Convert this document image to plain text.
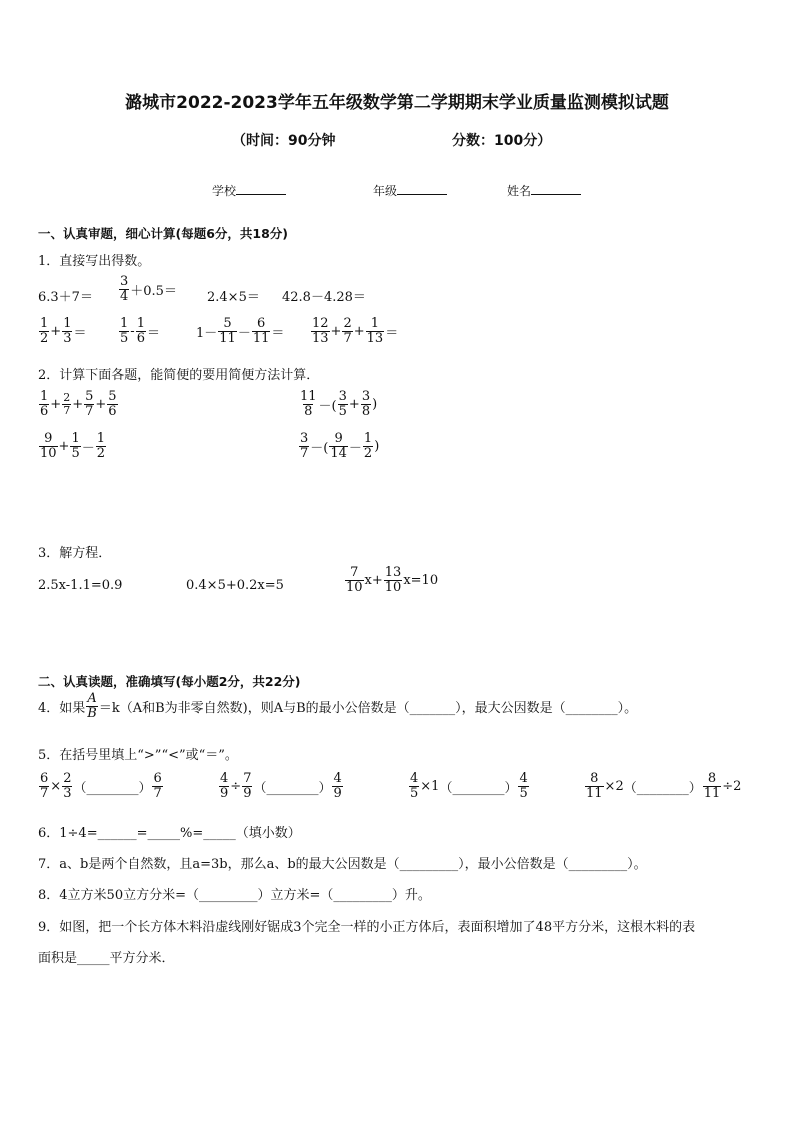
潞城市2022-2023学年五年级数学第二学期期末学业质量监测模拟试题
（时间：90分钟	分数：100分）
学校	年级	姓名
一、认真审题，细心计算(每题6分，共18分)
1．直接写出得数。
$6.3+7= \frac{3}{4} +0.5= 2.4\times 5= 42.8-4.28=$
$\frac{1}{2} + \frac{1}{3}$ ＝	$\frac{1}{5} - \frac{1}{6}$ ＝	$1- \frac{5}{11} - \frac{6}{11} = \frac{12}{13} + \frac{2}{7} + \frac{1}{13}$ ＝
2．计算下面各题，能简便的要用简便方法计算．
$\frac{1}{6} + \frac{2}{7} + \frac{5}{7} + \frac{5}{6}$	$\frac{11}{8}$ －( $\frac{3}{5} + \frac{3}{8}$ )
$\frac{9}{10} + \frac{1}{5} - \frac{1}{2}$	$\frac{3}{7}$ －( $\frac{9}{14} - \frac{1}{2}$ )
3．解方程．
2.5x-1.1=0.9	0.4×5+0.2x=5	$\frac{7}{10} x+ \frac{13}{10} x=10$
二、认真读题，准确填写(每小题2分，共22分)
4．如果 $\frac{A}{B} =k(A$和B为非零自然数)，则A与B的最小公倍数是（_______），最大公因数是（________）。
5．在括号里填上“>”“<”或“＝”。
$\frac{6}{7} \times \frac{2}{3}$ （________） $\frac{6}{7}$	$\frac{4}{9} \div \frac{7}{9}$ （________） $\frac{4}{9}$	$\frac{4}{5} \times 1$ （________） $\frac{4}{5}$	$\frac{8}{11} \times 2$ （________） $\frac{8}{11} \div 2$
6．1÷4=______=_____%=_____（填小数）
7．a、b是两个自然数，且a=3b，那么a、b的最大公因数是（_________），最小公倍数是（_________）。
8．4立方米50立方分米=（_________）立方米=（_________）升。
9．如图，把一个长方体木料沿虚线刚好锯成3个完全一样的小正方体后，表面积增加了48平方分米，这根木料的表
面积是_____平方分米．
